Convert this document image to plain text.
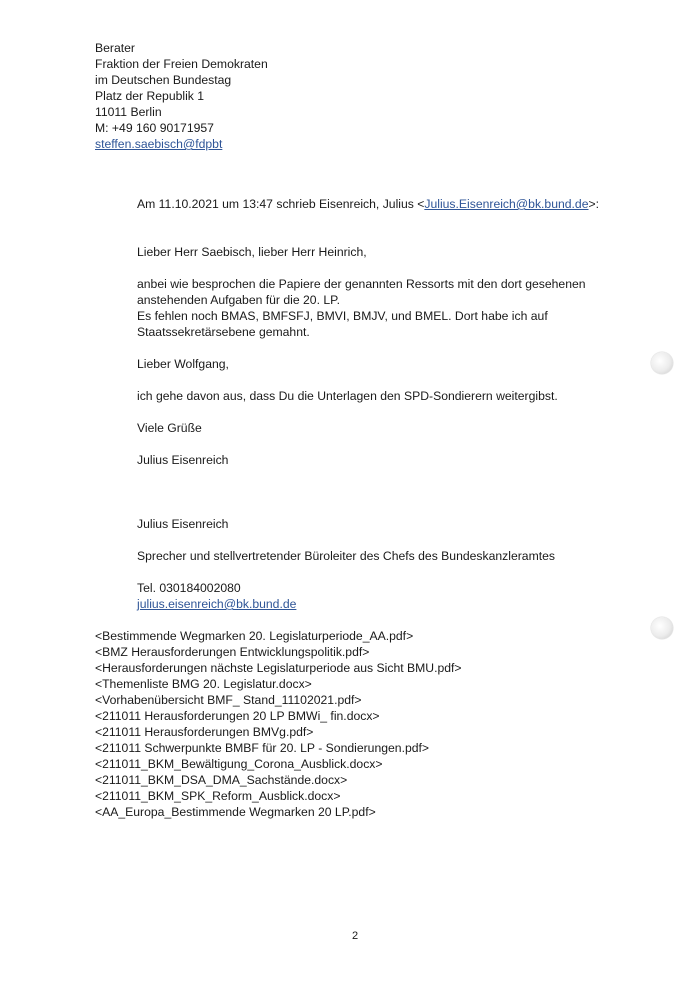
Berater
Fraktion der Freien Demokraten
im Deutschen Bundestag
Platz der Republik 1
11011 Berlin
M: +49 160 90171957
steffen.saebisch@fdpbt

Am 11.10.2021 um 13:47 schrieb Eisenreich, Julius <Julius.Eisenreich@bk.bund.de>:

Lieber Herr Saebisch, lieber Herr Heinrich,

anbei wie besprochen die Papiere der genannten Ressorts mit den dort gesehenen anstehenden Aufgaben für die 20. LP.

Es fehlen noch BMAS, BMFSFJ, BMVI, BMJV, und BMEL. Dort habe ich auf Staatssekretärsebene gemahnt.

Lieber Wolfgang,

ich gehe davon aus, dass Du die Unterlagen den SPD-Sondierern weitergibst.

Viele Grüße

Julius Eisenreich

Julius Eisenreich

Sprecher und stellvertretender Büroleiter des Chefs des Bundeskanzleramtes

Tel. 030184002080

julius.eisenreich@bk.bund.de

<Bestimmende Wegmarken 20. Legislaturperiode_AA.pdf>
<BMZ Herausforderungen Entwicklungspolitik.pdf>
<Herausforderungen nächste Legislaturperiode aus Sicht BMU.pdf>
<Themenliste BMG 20. Legislatur.docx>
<Vorhabenübersicht BMF_ Stand_11102021.pdf>
<211011 Herausforderungen 20 LP BMWi_ fin.docx>
<211011 Herausforderungen BMVg.pdf>
<211011 Schwerpunkte BMBF für 20. LP - Sondierungen.pdf>
<211011_BKM_Bewältigung_Corona_Ausblick.docx>
<211011_BKM_DSA_DMA_Sachstände.docx>
<211011_BKM_SPK_Reform_Ausblick.docx>
<AA_Europa_Bestimmende Wegmarken 20 LP.pdf>
2
